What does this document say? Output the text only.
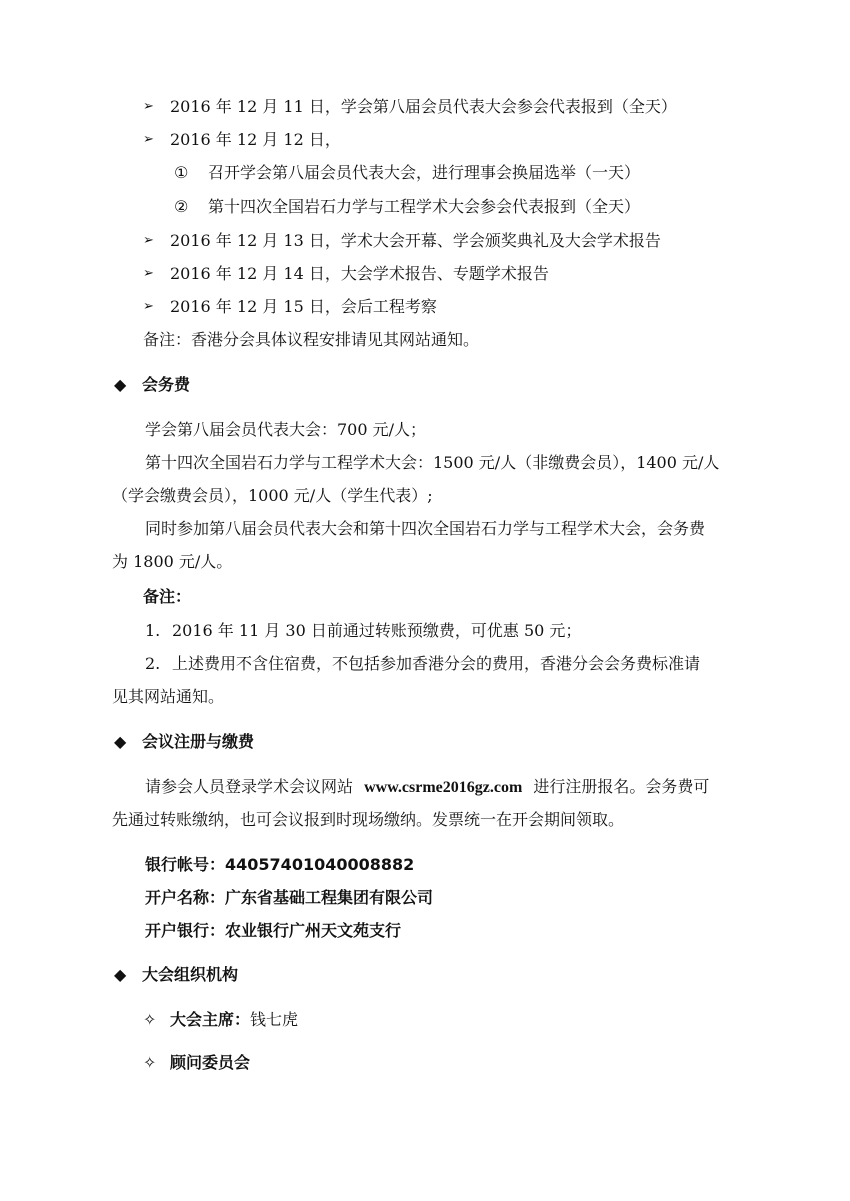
➢ 2016 年 12 月 11 日，学会第八届会员代表大会参会代表报到（全天）
➢ 2016 年 12 月 12 日，
① 召开学会第八届会员代表大会，进行理事会换届选举（一天）
② 第十四次全国岩石力学与工程学术大会参会代表报到（全天）
➢ 2016 年 12 月 13 日，学术大会开幕、学会颁奖典礼及大会学术报告
➢ 2016 年 12 月 14 日，大会学术报告、专题学术报告
➢ 2016 年 12 月 15 日，会后工程考察
备注：香港分会具体议程安排请见其网站通知。
◆ 会务费
学会第八届会员代表大会：700 元/人；
第十四次全国岩石力学与工程学术大会：1500 元/人（非缴费会员），1400 元/人
（学会缴费会员），1000 元/人（学生代表）;
同时参加第八届会员代表大会和第十四次全国岩石力学与工程学术大会，会务费
为 1800 元/人。
备注：
1. 2016 年 11 月 30 日前通过转账预缴费，可优惠 50 元；
2. 上述费用不含住宿费，不包括参加香港分会的费用，香港分会会务费标准请
见其网站通知。
◆ 会议注册与缴费
请参会人员登录学术会议网站 www.csrme2016gz.com 进行注册报名。会务费可
先通过转账缴纳，也可会议报到时现场缴纳。发票统一在开会期间领取。
银行帐号：44057401040008882
开户名称：广东省基础工程集团有限公司
开户银行：农业银行广州天文苑支行
◆ 大会组织机构
✧ 大会主席：钱七虎
✧ 顾问委员会
